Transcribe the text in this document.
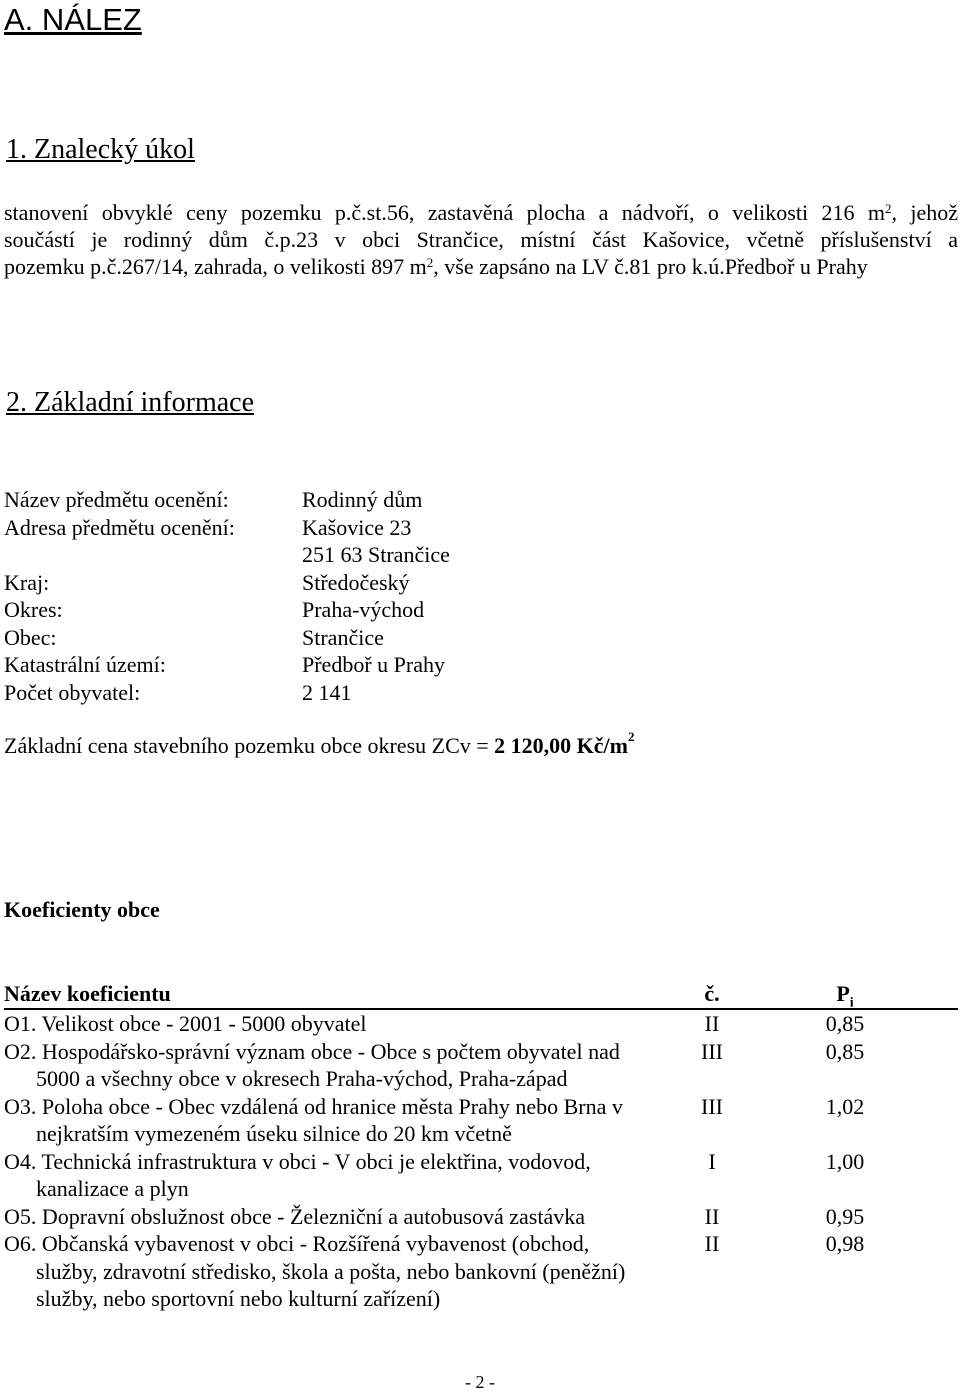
A. NÁLEZ
1. Znalecký úkol
stanovení obvyklé ceny pozemku p.č.st.56, zastavěná plocha a nádvoří, o velikosti 216 $m^2$, jehož
součástí je rodinný dům č.p.23 v obci Strančice, místní část Kašovice, včetně příslušenství a
pozemku p.č.267/14, zahrada, o velikosti 897 $m^2$, vše zapsáno na LV č.81 pro k.ú.Předboř u Prahy
2. Základní informace
Název předmětu ocenění:	Rodinný dům
Adresa předmětu ocenění:	Kašovice 23
251 63 Strančice
Kraj:	Středočeský
Okres:	Praha-východ
Obec:	Strančice
Katastrální území:	Předboř u Prahy
Počet obyvatel:	2 141
Základní cena stavebního pozemku obce okresu ZCv = 2 120,00 $Kč/m^2$
Koeficienty obce
Název koeficientu	č.	$P_i$
O1. Velikost obce - 2001 - 5000 obyvatel	II	0,85
O2. Hospodářsko-správní význam obce - Obce s počtem obyvatel nad
5000 a všechny obce v okresech Praha-východ, Praha-západ
III	0,85
O3. Poloha obce - Obec vzdálená od hranice města Prahy nebo Brna v
nejkratším vymezeném úseku silnice do 20 km včetně
III	1,02
O4. Technická infrastruktura v obci - V obci je elektřina, vodovod,
kanalizace a plyn
I	1,00
O5. Dopravní obslužnost obce - Železniční a autobusová zastávka	II	0,95
O6. Občanská vybavenost v obci - Rozšířená vybavenost (obchod,
služby, zdravotní středisko, škola a pošta, nebo bankovní (peněžní)
služby, nebo sportovní nebo kulturní zařízení)
II	0,98
- 2 -
